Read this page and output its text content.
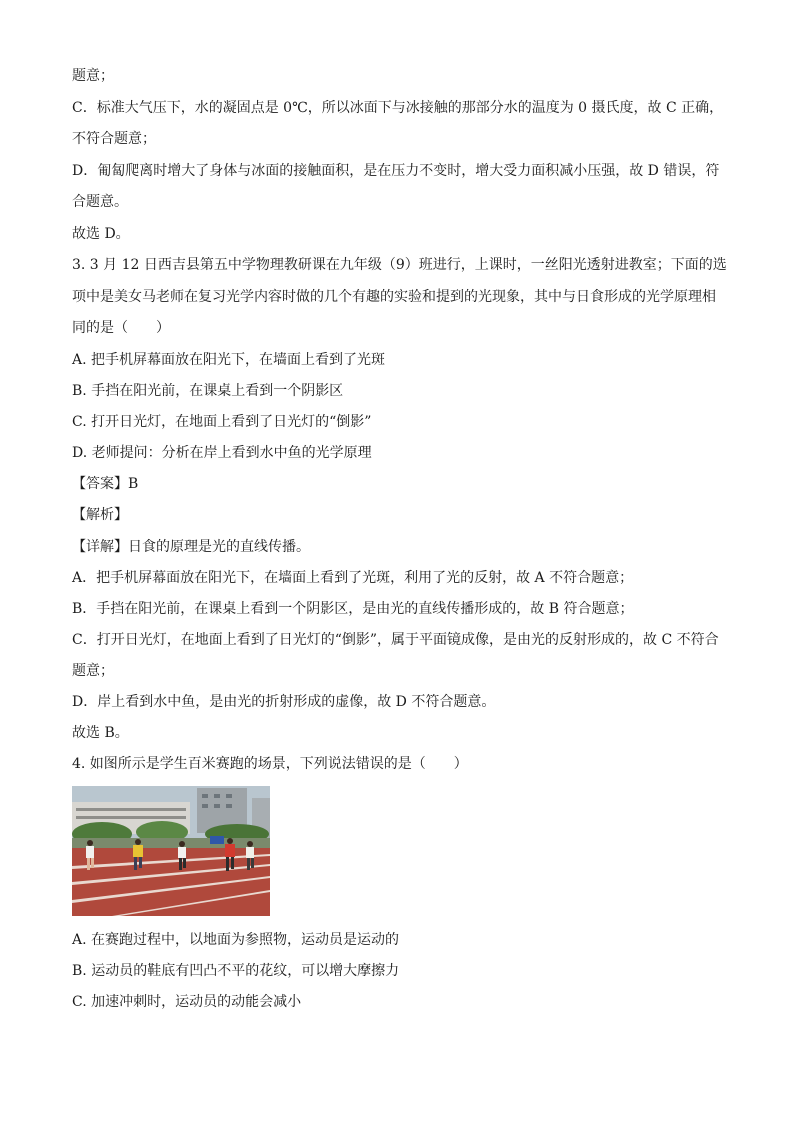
题意；
C．标准大气压下，水的凝固点是 0℃，所以冰面下与冰接触的那部分水的温度为 0 摄氏度，故 C 正确，
不符合题意；
D．匍匐爬离时增大了身体与冰面的接触面积，是在压力不变时，增大受力面积减小压强，故 D 错误，符
合题意。
故选 D。
3. 3 月 12 日西吉县第五中学物理教研课在九年级（9）班进行，上课时，一丝阳光透射进教室；下面的选
项中是美女马老师在复习光学内容时做的几个有趣的实验和提到的光现象，其中与日食形成的光学原理相
同的是（　　）
A. 把手机屏幕面放在阳光下，在墙面上看到了光斑
B. 手挡在阳光前，在课桌上看到一个阴影区
C. 打开日光灯，在地面上看到了日光灯的“倒影”
D. 老师提问：分析在岸上看到水中鱼的光学原理
【答案】B
【解析】
【详解】日食的原理是光的直线传播。
A．把手机屏幕面放在阳光下，在墙面上看到了光斑，利用了光的反射，故 A 不符合题意；
B．手挡在阳光前，在课桌上看到一个阴影区，是由光的直线传播形成的，故 B 符合题意；
C．打开日光灯，在地面上看到了日光灯的“倒影”，属于平面镜成像，是由光的反射形成的，故 C 不符合
题意；
D．岸上看到水中鱼，是由光的折射形成的虚像，故 D 不符合题意。
故选 B。
4. 如图所示是学生百米赛跑的场景，下列说法错误的是（　　）
A. 在赛跑过程中，以地面为参照物，运动员是运动的
B. 运动员的鞋底有凹凸不平的花纹，可以增大摩擦力
C. 加速冲刺时，运动员的动能会减小
